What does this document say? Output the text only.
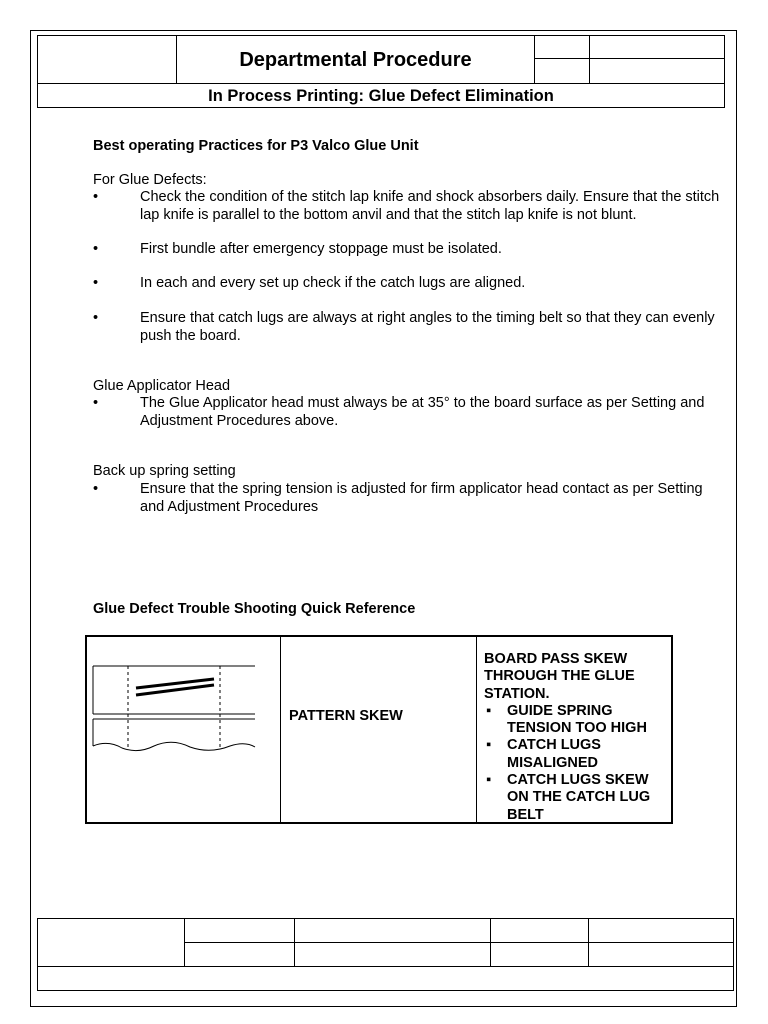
Departmental Procedure
In Process Printing: Glue Defect Elimination
Best operating Practices for P3 Valco Glue Unit
For Glue Defects:
•	Check the condition of the stitch lap knife and shock absorbers daily. Ensure that the stitch lap knife is parallel to the bottom anvil and that the stitch lap knife is not blunt.
•	First bundle after emergency stoppage must be isolated.
•	In each and every set up check if the catch lugs are aligned.
•	Ensure that catch lugs are always at right angles to the timing belt so that they can evenly push the board.
Glue Applicator Head
•	The Glue Applicator head must always be at 35° to the board surface as per Setting and Adjustment Procedures above.
Back up spring setting
•	Ensure that the spring tension is adjusted for firm applicator head contact as per Setting and Adjustment Procedures
Glue Defect Trouble Shooting Quick Reference
PATTERN SKEW
BOARD PASS SKEW THROUGH THE GLUE STATION.
▪ GUIDE SPRING TENSION TOO HIGH
▪ CATCH LUGS MISALIGNED
▪ CATCH LUGS SKEW ON THE CATCH LUG BELT
